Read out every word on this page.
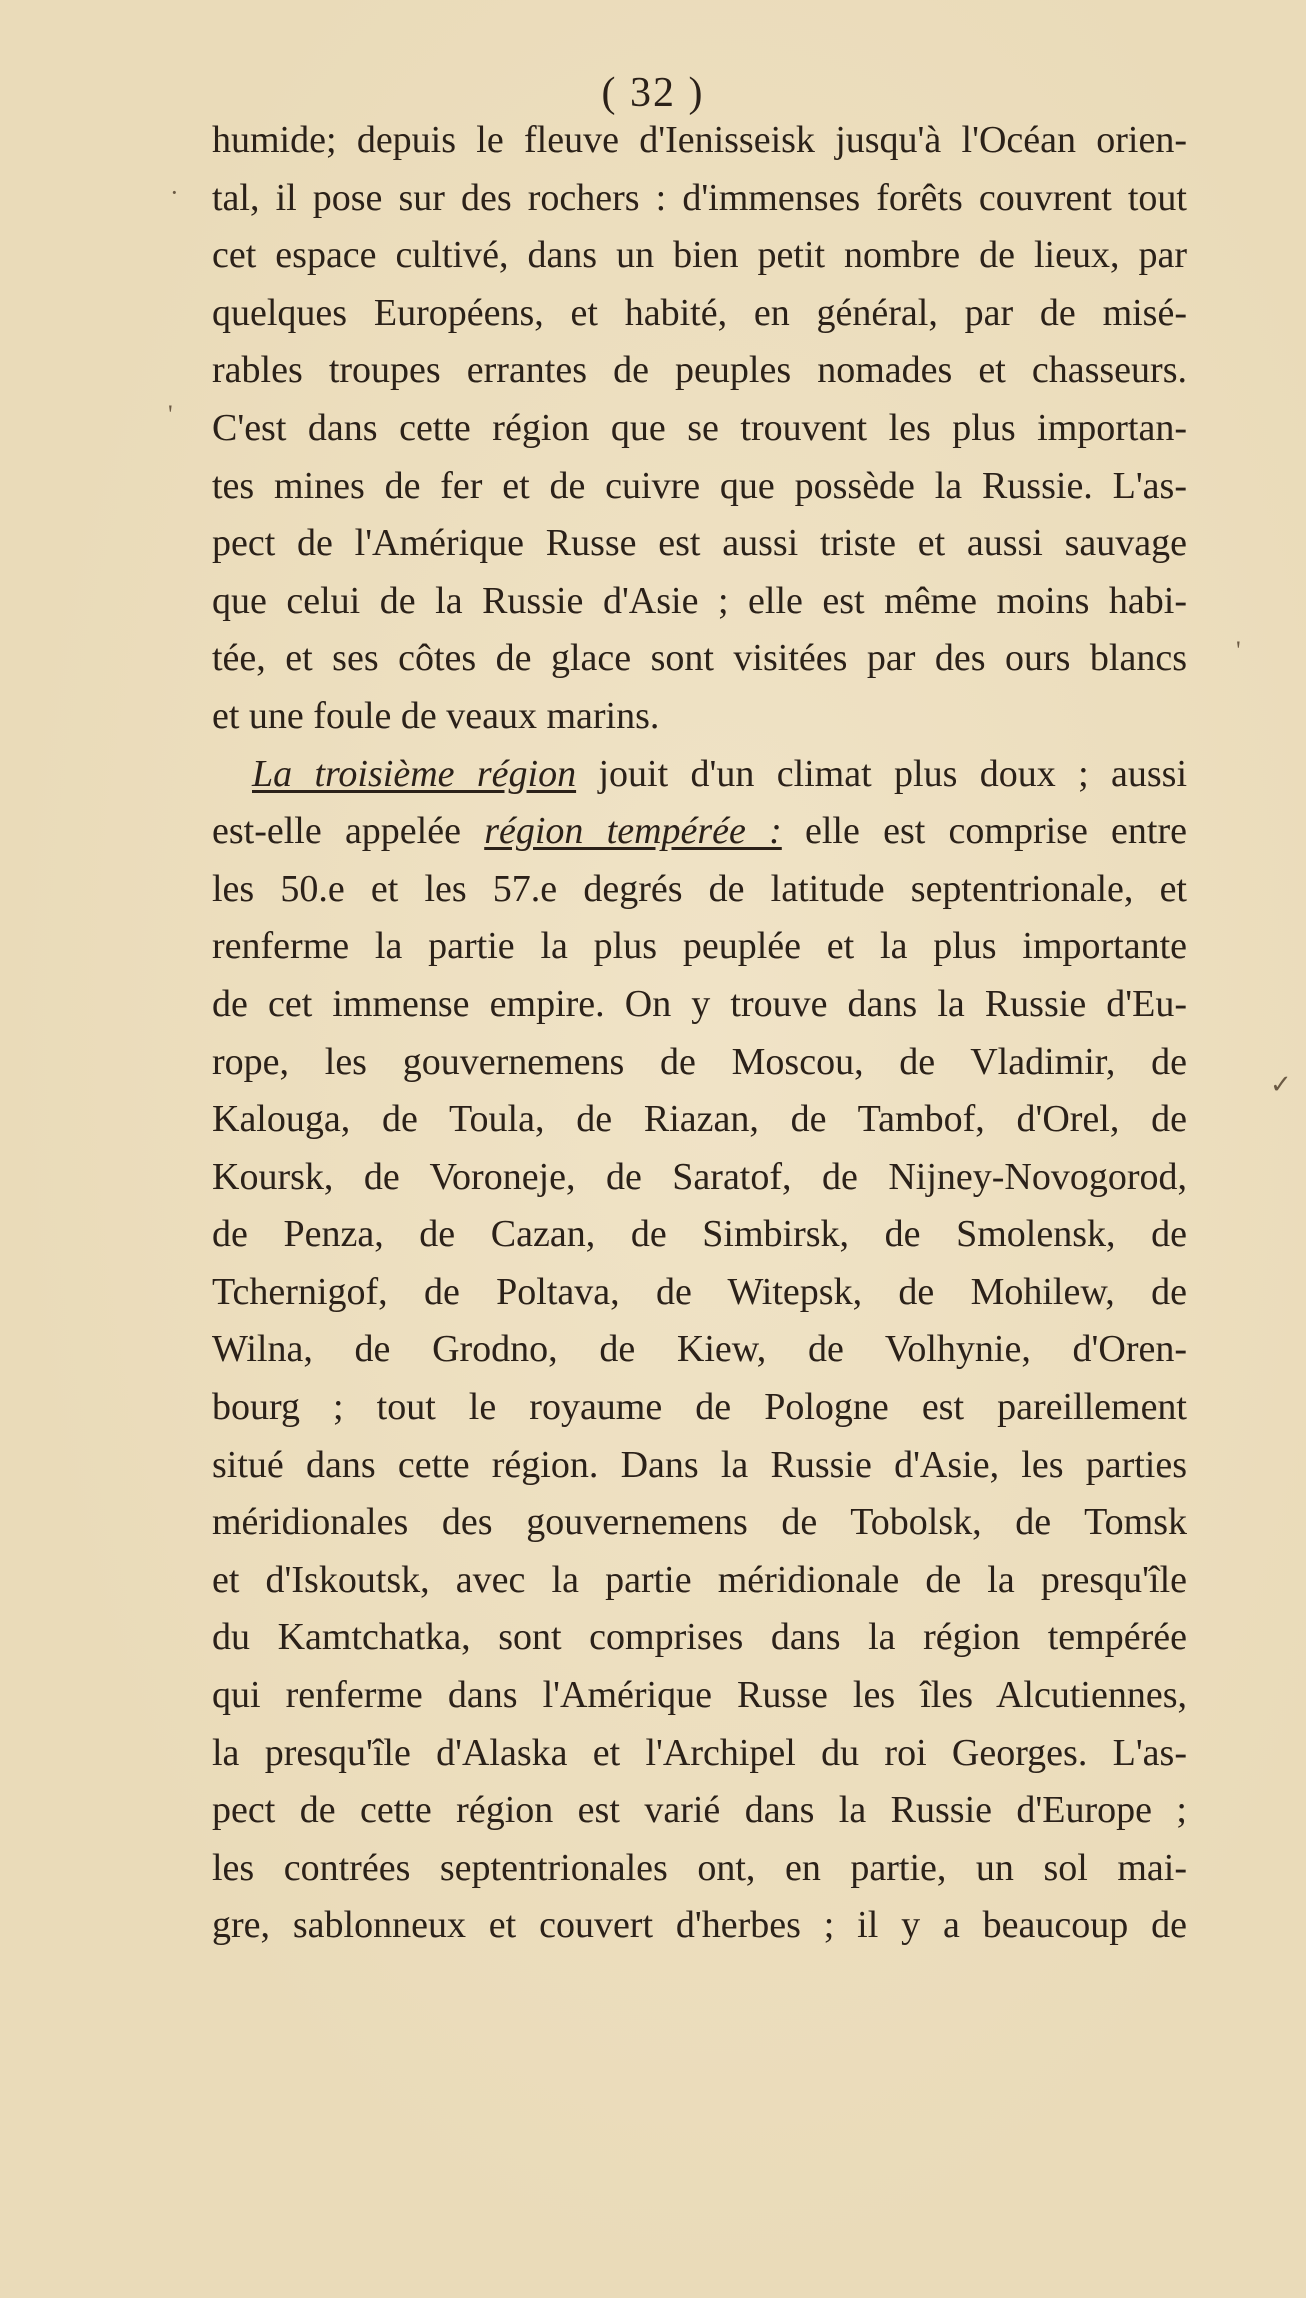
( 32 )
humide; depuis le fleuve d'Ienisseisk jusqu'à l'Océan orien-
tal, il pose sur des rochers : d'immenses forêts couvrent tout
cet espace cultivé, dans un bien petit nombre de lieux, par
quelques Européens, et habité, en général, par de misé-
rables troupes errantes de peuples nomades et chasseurs.
C'est dans cette région que se trouvent les plus importan-
tes mines de fer et de cuivre que possède la Russie. L'as-
pect de l'Amérique Russe est aussi triste et aussi sauvage
que celui de la Russie d'Asie ; elle est même moins habi-
tée, et ses côtes de glace sont visitées par des ours blancs
et une foule de veaux marins.
La troisième région jouit d'un climat plus doux ; aussi
est-elle appelée région tempérée : elle est comprise entre
les 50.e et les 57.e degrés de latitude septentrionale, et
renferme la partie la plus peuplée et la plus importante
de cet immense empire. On y trouve dans la Russie d'Eu-
rope, les gouvernemens de Moscou, de Vladimir, de
Kalouga, de Toula, de Riazan, de Tambof, d'Orel, de
Koursk, de Voroneje, de Saratof, de Nijney-Novogorod,
de Penza, de Cazan, de Simbirsk, de Smolensk, de
Tchernigof, de Poltava, de Witepsk, de Mohilew, de
Wilna, de Grodno, de Kiew, de Volhynie, d'Oren-
bourg ; tout le royaume de Pologne est pareillement
situé dans cette région. Dans la Russie d'Asie, les parties
méridionales des gouvernemens de Tobolsk, de Tomsk
et d'Iskoutsk, avec la partie méridionale de la presqu'île
du Kamtchatka, sont comprises dans la région tempérée
qui renferme dans l'Amérique Russe les îles Alcutiennes,
la presqu'île d'Alaska et l'Archipel du roi Georges. L'as-
pect de cette région est varié dans la Russie d'Europe ;
les contrées septentrionales ont, en partie, un sol mai-
gre, sablonneux et couvert d'herbes ; il y a beaucoup de
·
'
'
✓
